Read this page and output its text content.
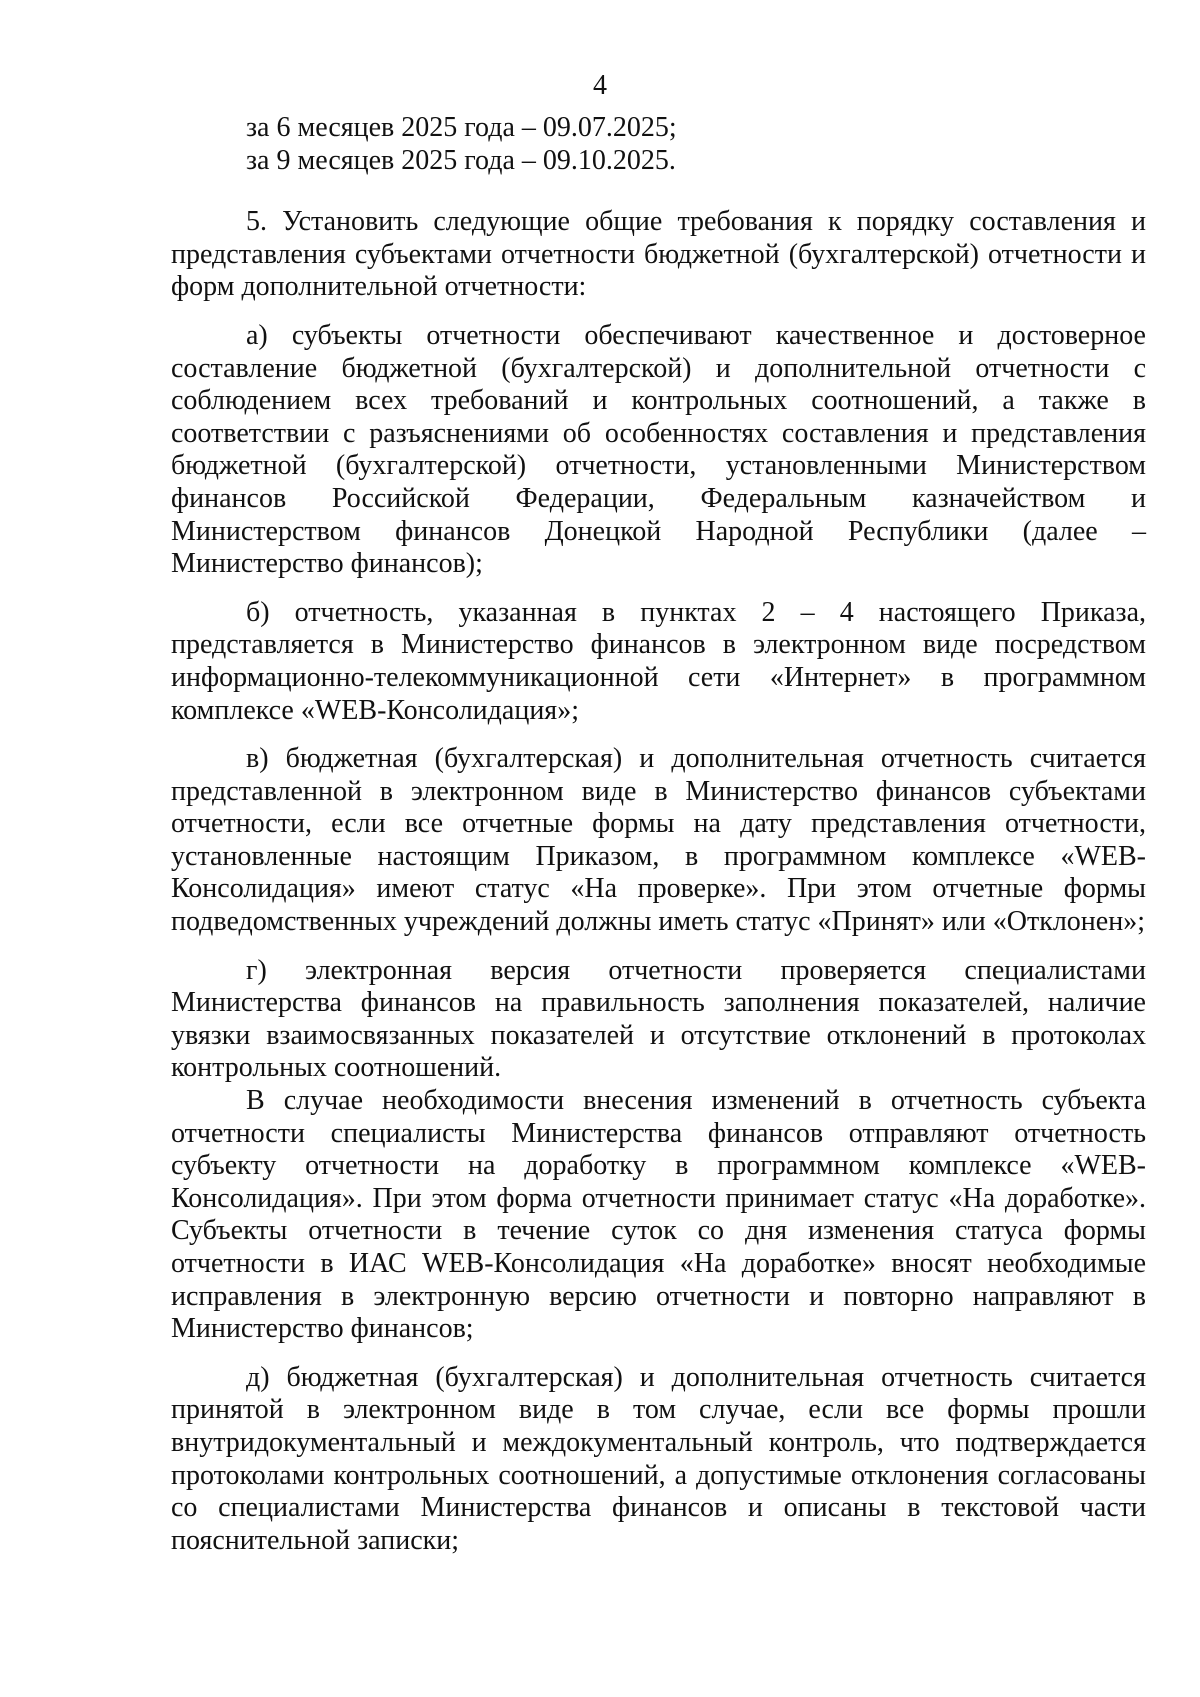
4

за 6 месяцев 2025 года – 09.07.2025;

за 9 месяцев 2025 года – 09.10.2025.

5. Установить следующие общие требования к порядку составления и представления субъектами отчетности бюджетной (бухгалтерской) отчетности и форм дополнительной отчетности:

а) субъекты отчетности обеспечивают качественное и достоверное составление бюджетной (бухгалтерской) и дополнительной отчетности с соблюдением всех требований и контрольных соотношений, а также в соответствии с разъяснениями об особенностях составления и представления бюджетной (бухгалтерской) отчетности, установленными Министерством финансов Российской Федерации, Федеральным казначейством и Министерством финансов Донецкой Народной Республики (далее – Министерство финансов);

б) отчетность, указанная в пунктах 2 – 4 настоящего Приказа, представляется в Министерство финансов в электронном виде посредством информационно-телекоммуникационной сети «Интернет» в программном комплексе «WEB-Консолидация»;

в) бюджетная (бухгалтерская) и дополнительная отчетность считается представленной в электронном виде в Министерство финансов субъектами отчетности, если все отчетные формы на дату представления отчетности, установленные настоящим Приказом, в программном комплексе «WEB-Консолидация» имеют статус «На проверке». При этом отчетные формы подведомственных учреждений должны иметь статус «Принят» или «Отклонен»;

г) электронная версия отчетности проверяется специалистами Министерства финансов на правильность заполнения показателей, наличие увязки взаимосвязанных показателей и отсутствие отклонений в протоколах контрольных соотношений.

В случае необходимости внесения изменений в отчетность субъекта отчетности специалисты Министерства финансов отправляют отчетность субъекту отчетности на доработку в программном комплексе «WEB-Консолидация». При этом форма отчетности принимает статус «На доработке». Субъекты отчетности в течение суток со дня изменения статуса формы отчетности в ИАС WEB-Консолидация «На доработке» вносят необходимые исправления в электронную версию отчетности и повторно направляют в Министерство финансов;

д) бюджетная (бухгалтерская) и дополнительная отчетность считается принятой в электронном виде в том случае, если все формы прошли внутридокументальный и междокументальный контроль, что подтверждается протоколами контрольных соотношений, а допустимые отклонения согласованы со специалистами Министерства финансов и описаны в текстовой части пояснительной записки;
